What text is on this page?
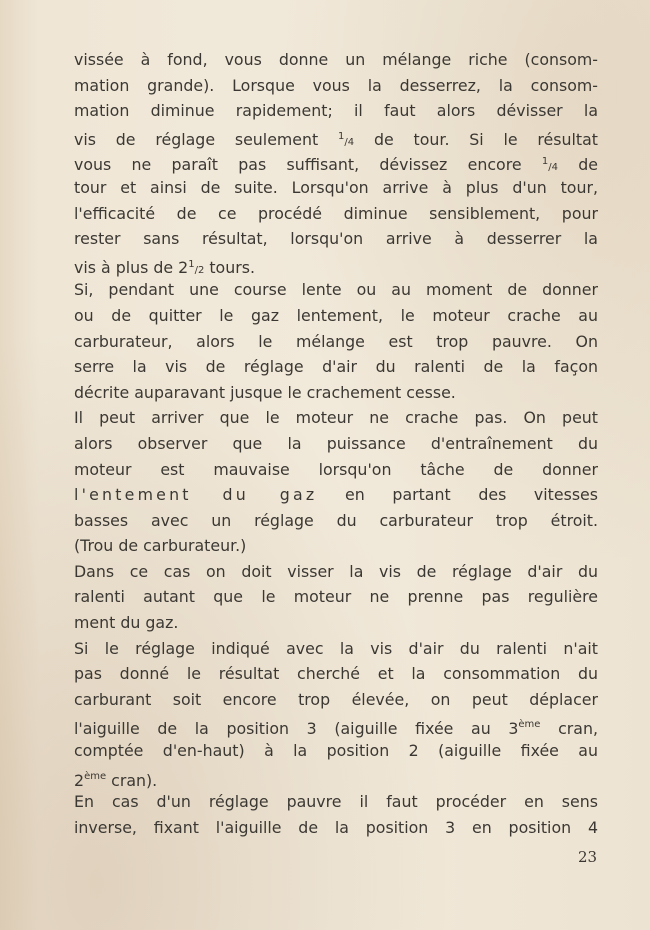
vissée à fond, vous donne un mélange riche (consom-
mation grande). Lorsque vous la desserrez, la consom-
mation diminue rapidement; il faut alors dévisser la
vis de réglage seulement $^1$/4 de tour. Si le résultat
vous ne paraît pas suffisant, dévissez encore $^1$/4 de
tour et ainsi de suite. Lorsqu'on arrive à plus d'un tour,
l'efficacité de ce procédé diminue sensiblement, pour
rester sans résultat, lorsqu'on arrive à desserrer la
vis à plus de $2^1/2$ tours.
Si, pendant une course lente ou au moment de donner
ou de quitter le gaz lentement, le moteur crache au
carburateur, alors le mélange est trop pauvre. On
serre la vis de réglage d'air du ralenti de la façon
décrite auparavant jusque le crachement cesse.
Il peut arriver que le moteur ne crache pas. On peut
alors observer que la puissance d'entraînement du
moteur est mauvaise lorsqu'on tâche de donner
l'entement du gaz en partant des vitesses
basses avec un réglage du carburateur trop étroit.
(Trou de carburateur.)
Dans ce cas on doit visser la vis de réglage d'air du
ralenti autant que le moteur ne prenne pas regulière
ment du gaz.
Si le réglage indiqué avec la vis d'air du ralenti n'ait
pas donné le résultat cherché et la consommation du
carburant soit encore trop élevée, on peut déplacer
l'aiguille de la position 3 (aiguille fixée au 3ème cran,
comptée d'en-haut) à la position 2 (aiguille fixée au
2ème cran).
En cas d'un réglage pauvre il faut procéder en sens
inverse, fixant l'aiguille de la position 3 en position 4
23
